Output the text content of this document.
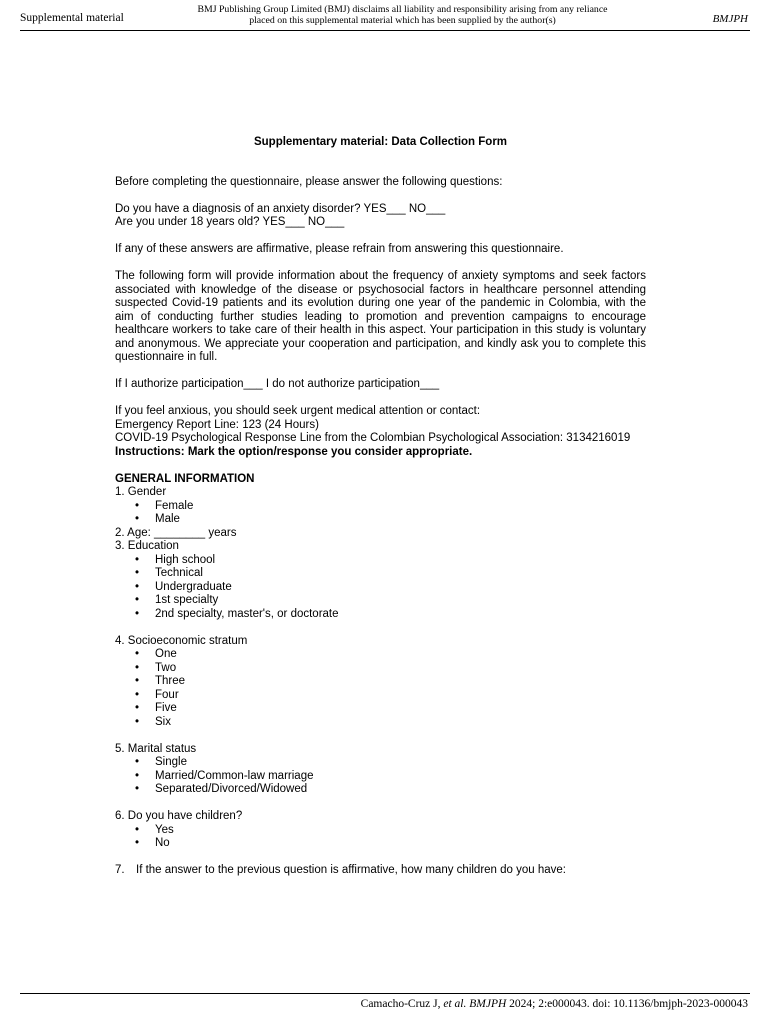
Supplemental material
BMJ Publishing Group Limited (BMJ) disclaims all liability and responsibility arising from any reliance
placed on this supplemental material which has been supplied by the author(s)	BMJPH

Supplementary material: Data Collection Form

Before completing the questionnaire, please answer the following questions:

Do you have a diagnosis of an anxiety disorder? YES___ NO___

Are you under 18 years old? YES___ NO___

If any of these answers are affirmative, please refrain from answering this questionnaire.

The following form will provide information about the frequency of anxiety symptoms and seek factors associated with knowledge of the disease or psychosocial factors in healthcare personnel attending suspected Covid-19 patients and its evolution during one year of the pandemic in Colombia, with the aim of conducting further studies leading to promotion and prevention campaigns to encourage healthcare workers to take care of their health in this aspect. Your participation in this study is voluntary and anonymous. We appreciate your cooperation and participation, and kindly ask you to complete this questionnaire in full.

If I authorize participation___ I do not authorize participation___

If you feel anxious, you should seek urgent medical attention or contact:

Emergency Report Line: 123 (24 Hours)

COVID-19 Psychological Response Line from the Colombian Psychological Association: 3134216019

Instructions: Mark the option/response you consider appropriate.

GENERAL INFORMATION

1. Gender

• Female
• Male

2. Age: ________ years

3. Education

• High school
• Technical
• Undergraduate
• 1st specialty
• 2nd specialty, master's, or doctorate

4. Socioeconomic stratum

• One
• Two
• Three
• Four
• Five
• Six

5. Marital status

• Single
• Married/Common-law marriage
• Separated/Divorced/Widowed

6. Do you have children?

• Yes
• No

7. If the answer to the previous question is affirmative, how many children do you have:

Camacho-Cruz J, et al. BMJPH 2024; 2:e000043. doi: 10.1136/bmjph-2023-000043
